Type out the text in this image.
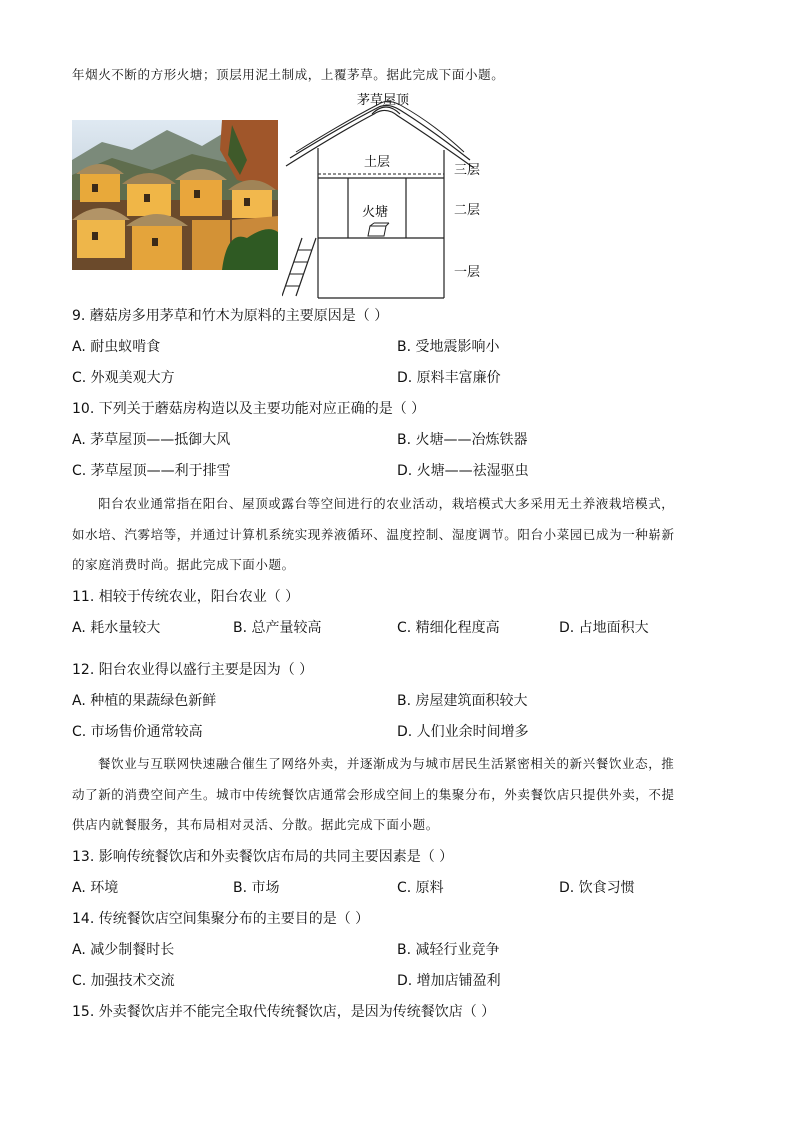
年烟火不断的方形火塘；顶层用泥土制成，上覆茅草。据此完成下面小题。
茅草屋顶
土层
火塘
三层
二层
一层
9. 蘑菇房多用茅草和竹木为原料的主要原因是（ ）
A. 耐虫蚁啃食	B. 受地震影响小
C. 外观美观大方	D. 原料丰富廉价
10. 下列关于蘑菇房构造以及主要功能对应正确的是（ ）
A. 茅草屋顶——抵御大风	B. 火塘——冶炼铁器
C. 茅草屋顶——利于排雪	D. 火塘——祛湿驱虫
阳台农业通常指在阳台、屋顶或露台等空间进行的农业活动，栽培模式大多采用无土养液栽培模式，
如水培、汽雾培等，并通过计算机系统实现养液循环、温度控制、湿度调节。阳台小菜园已成为一种崭新
的家庭消费时尚。据此完成下面小题。
11. 相较于传统农业，阳台农业（ ）
A. 耗水量较大	B. 总产量较高	C. 精细化程度高	D. 占地面积大
12. 阳台农业得以盛行主要是因为（ ）
A. 种植的果蔬绿色新鲜	B. 房屋建筑面积较大
C. 市场售价通常较高	D. 人们业余时间增多
餐饮业与互联网快速融合催生了网络外卖，并逐渐成为与城市居民生活紧密相关的新兴餐饮业态，推
动了新的消费空间产生。城市中传统餐饮店通常会形成空间上的集聚分布，外卖餐饮店只提供外卖，不提
供店内就餐服务，其布局相对灵活、分散。据此完成下面小题。
13. 影响传统餐饮店和外卖餐饮店布局的共同主要因素是（ ）
A. 环境	B. 市场	C. 原料	D. 饮食习惯
14. 传统餐饮店空间集聚分布的主要目的是（ ）
A. 减少制餐时长	B. 减轻行业竞争
C. 加强技术交流	D. 增加店铺盈利
15. 外卖餐饮店并不能完全取代传统餐饮店，是因为传统餐饮店（ ）
